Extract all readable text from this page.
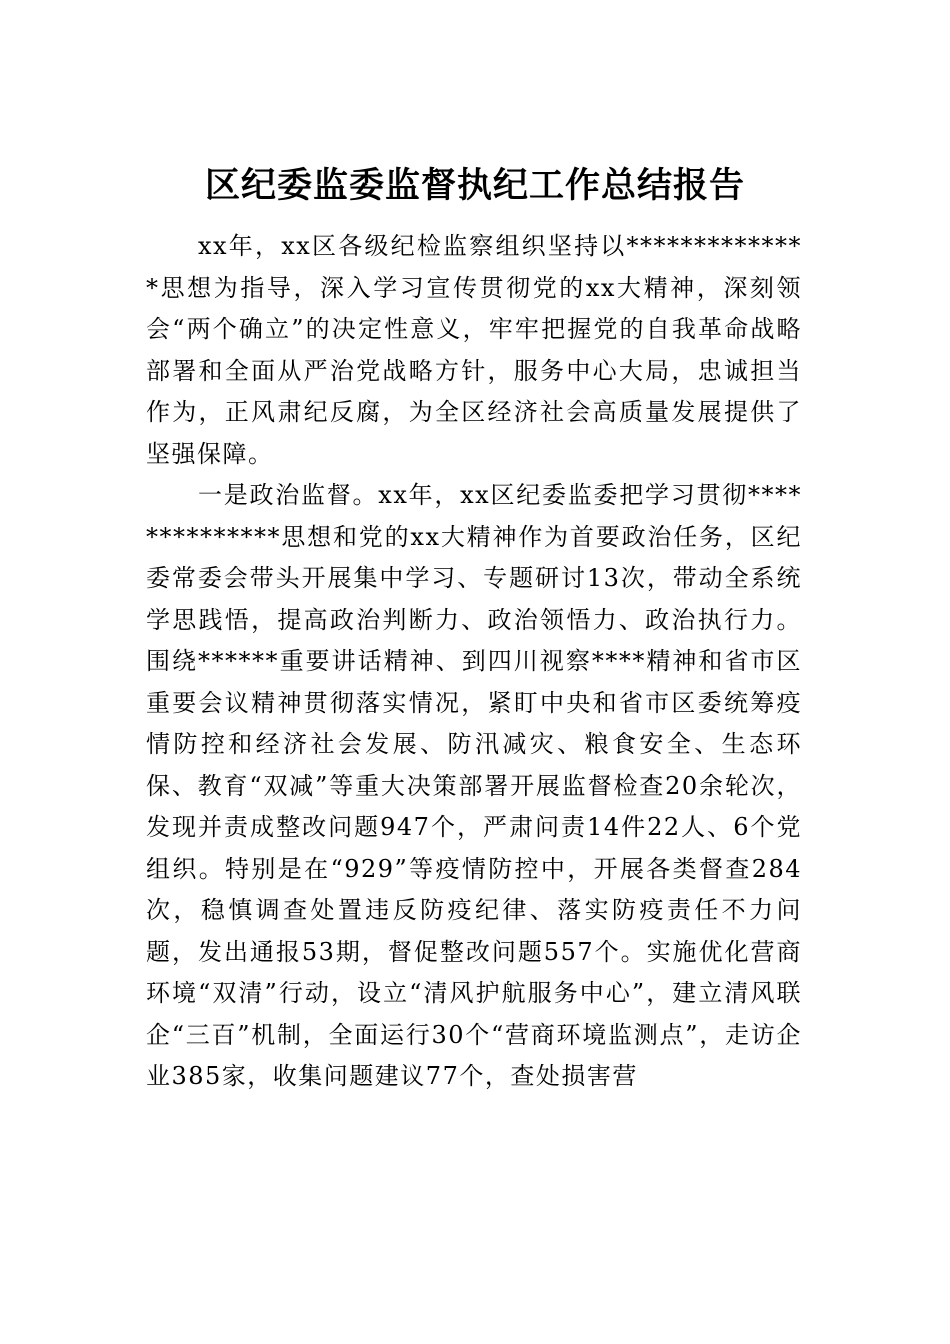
区纪委监委监督执纪工作总结报告

xx年，xx区各级纪检监察组织坚持以**************思想为指导，深入学习宣传贯彻党的xx大精神，深刻领会“两个确立”的决定性意义，牢牢把握党的自我革命战略部署和全面从严治党战略方针，服务中心大局，忠诚担当作为，正风肃纪反腐，为全区经济社会高质量发展提供了坚强保障。

一是政治监督。xx年，xx区纪委监委把学习贯彻**************思想和党的xx大精神作为首要政治任务，区纪委常委会带头开展集中学习、专题研讨13次，带动全系统学思践悟，提高政治判断力、政治领悟力、政治执行力。围绕******重要讲话精神、到四川视察****精神和省市区重要会议精神贯彻落实情况，紧盯中央和省市区委统筹疫情防控和经济社会发展、防汛减灾、粮食安全、生态环保、教育“双减”等重大决策部署开展监督检查20余轮次，发现并责成整改问题947个，严肃问责14件22人、6个党组织。特别是在“929”等疫情防控中，开展各类督查284次，稳慎调查处置违反防疫纪律、落实防疫责任不力问题，发出通报53期，督促整改问题557个。实施优化营商环境“双清”行动，设立“清风护航服务中心”，建立清风联企“三百”机制，全面运行30个“营商环境监测点”，走访企业385家，收集问题建议77个，查处损害营
